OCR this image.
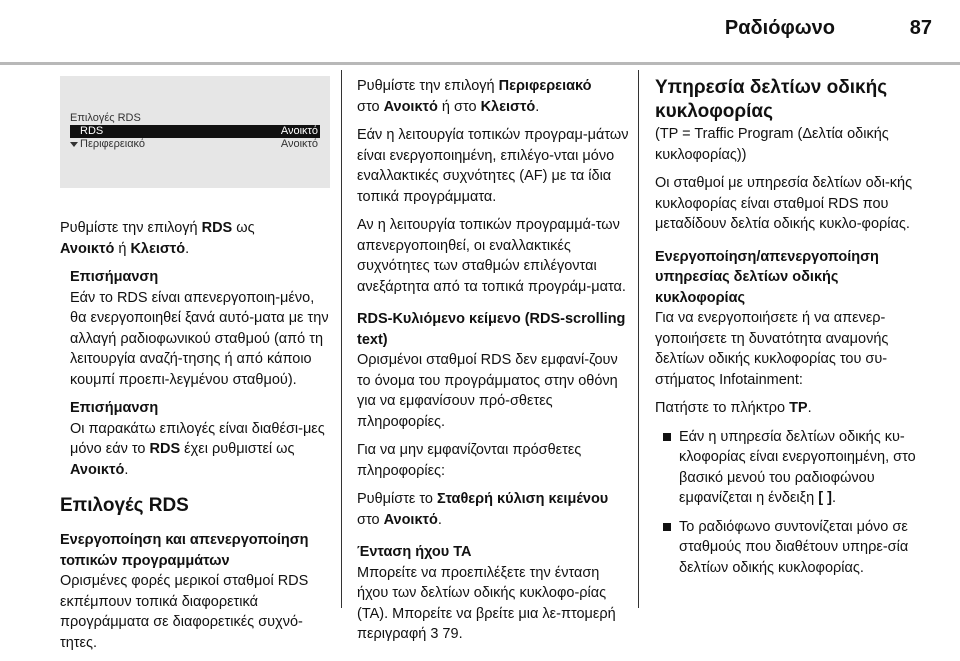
Ραδιόφωνο	87
Επιλογές RDS
RDS	Ανοικτό
Περιφερειακό	Ανοικτό

Ρυθμίστε την επιλογή RDS ως
Ανοικτό ή Κλειστό.

Επισήμανση

Εάν το RDS είναι απενεργοποιη-μένο, θα ενεργοποιηθεί ξανά αυτό-ματα με την αλλαγή ραδιοφωνικού σταθμού (από τη λειτουργία αναζή-τησης ή από κάποιο κουμπί προεπι-λεγμένου σταθμού).

Επισήμανση

Οι παρακάτω επιλογές είναι διαθέσι-μες μόνο εάν το RDS έχει ρυθμιστεί ως Ανοικτό.

Επιλογές RDS
Ενεργοποίηση και απενεργοποίηση τοπικών προγραμμάτων

Ορισμένες φορές μερικοί σταθμοί RDS εκπέμπουν τοπικά διαφορετικά προγράμματα σε διαφορετικές συχνό-τητες.

Ρυθμίστε την επιλογή Περιφερειακό
στο Ανοικτό ή στο Κλειστό.

Εάν η λειτουργία τοπικών προγραμ-μάτων είναι ενεργοποιημένη, επιλέγο-νται μόνο εναλλακτικές συχνότητες (AF) με τα ίδια τοπικά προγράμματα.

Αν η λειτουργία τοπικών προγραμμά-των απενεργοποιηθεί, οι εναλλακτικές συχνότητες των σταθμών επιλέγονται ανεξάρτητα από τα τοπικά προγράμ-ματα.

RDS-Κυλιόμενο κείμενο (RDS-scrolling text)

Ορισμένοι σταθμοί RDS δεν εμφανί-ζουν το όνομα του προγράμματος στην οθόνη για να εμφανίσουν πρό-σθετες πληροφορίες.

Για να μην εμφανίζονται πρόσθετες πληροφορίες:

Ρυθμίστε το Σταθερή κύλιση κειμένου στο Ανοικτό.

Ένταση ήχου TA

Μπορείτε να προεπιλέξετε την ένταση ήχου των δελτίων οδικής κυκλοφο-ρίας (TA). Μπορείτε να βρείτε μια λε-πτομερή περιγραφή 3 79.

Υπηρεσία δελτίων οδικής κυκλοφορίας

(TP = Traffic Program (Δελτία οδικής κυκλοφορίας))

Οι σταθμοί με υπηρεσία δελτίων οδι-κής κυκλοφορίας είναι σταθμοί RDS που μεταδίδουν δελτία οδικής κυκλο-φορίας.

Ενεργοποίηση/απενεργοποίηση υπηρεσίας δελτίων οδικής κυκλοφορίας

Για να ενεργοποιήσετε ή να απενερ-γοποιήσετε τη δυνατότητα αναμονής δελτίων οδικής κυκλοφορίας του συ-στήματος Infotainment:

Πατήστε το πλήκτρο TP.

Εάν η υπηρεσία δελτίων οδικής κυ-κλοφορίας είναι ενεργοποιημένη, στο βασικό μενού του ραδιοφώνου εμφανίζεται η ένδειξη [ ].
Το ραδιόφωνο συντονίζεται μόνο σε σταθμούς που διαθέτουν υπηρε-σία δελτίων οδικής κυκλοφορίας.
